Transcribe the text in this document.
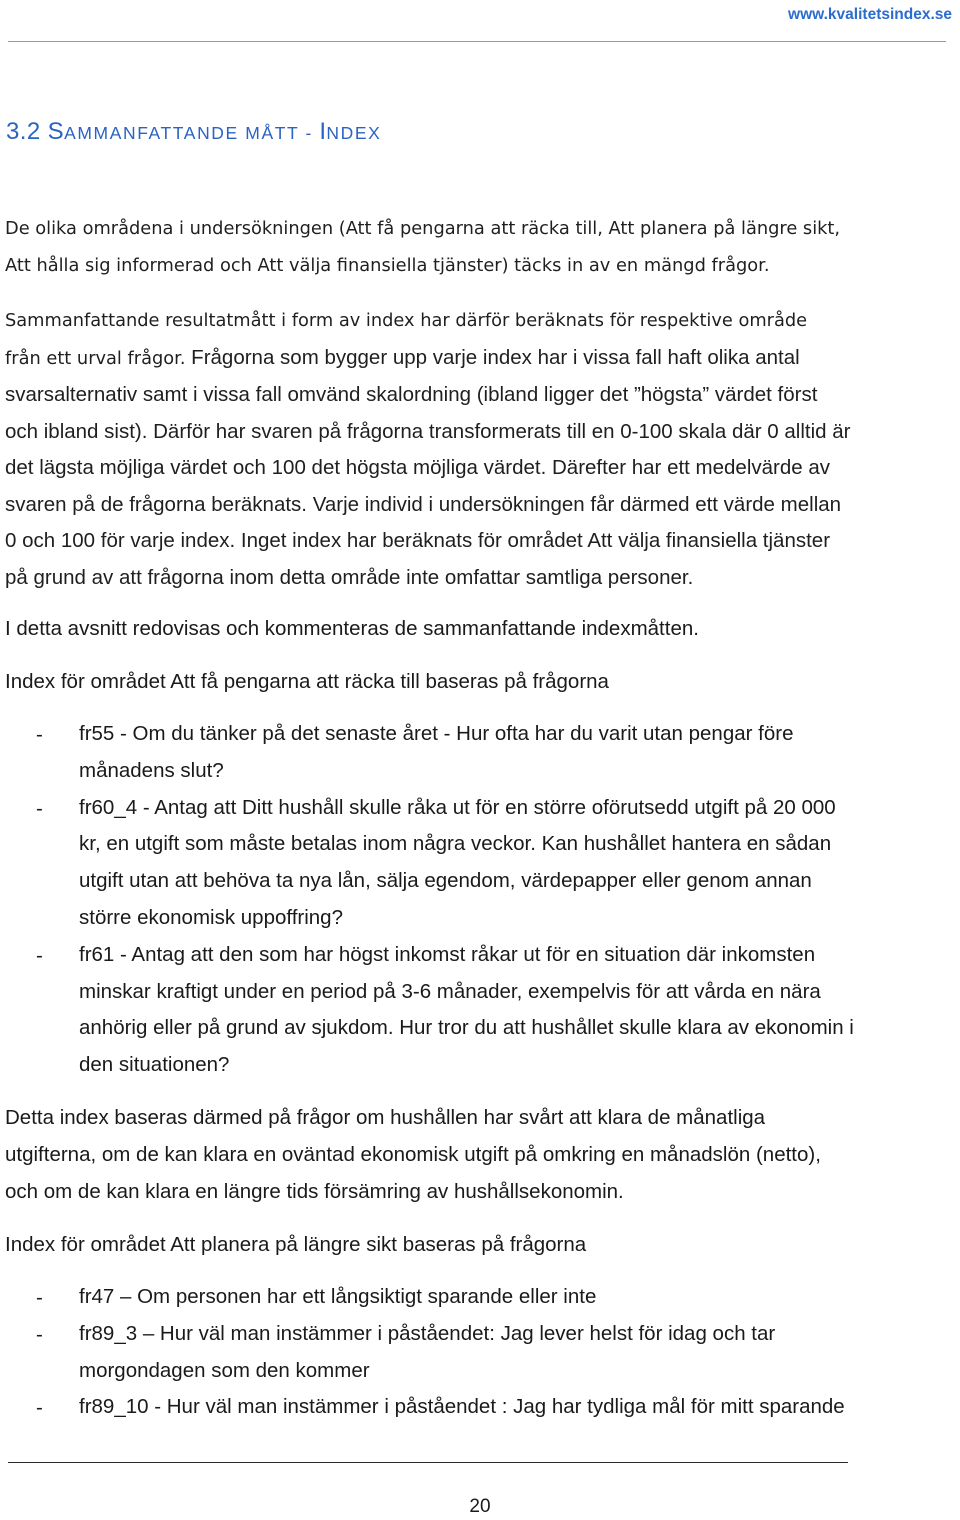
www.kvalitetsindex.se
3.2 SAMMANFATTANDE MÅTT - INDEX

De olika områdena i undersökningen (Att få pengarna att räcka till, Att planera på längre sikt,
Att hålla sig informerad och Att välja finansiella tjänster) täcks in av en mängd frågor.

Sammanfattande resultatmått i form av index har därför beräknats för respektive område
från ett urval frågor. Frågorna som bygger upp varje index har i vissa fall haft olika antal
svarsalternativ samt i vissa fall omvänd skalordning (ibland ligger det ”högsta” värdet först
och ibland sist). Därför har svaren på frågorna transformerats till en 0-100 skala där 0 alltid är
det lägsta möjliga värdet och 100 det högsta möjliga värdet. Därefter har ett medelvärde av
svaren på de frågorna beräknats. Varje individ i undersökningen får därmed ett värde mellan
0 och 100 för varje index. Inget index har beräknats för området Att välja finansiella tjänster
på grund av att frågorna inom detta område inte omfattar samtliga personer.

I detta avsnitt redovisas och kommenteras de sammanfattande indexmåtten.

Index för området Att få pengarna att räcka till baseras på frågorna

- fr55 - Om du tänker på det senaste året - Hur ofta har du varit utan pengar före
månadens slut?
- fr60_4 - Antag att Ditt hushåll skulle råka ut för en större oförutsedd utgift på 20 000
kr, en utgift som måste betalas inom några veckor. Kan hushållet hantera en sådan
utgift utan att behöva ta nya lån, sälja egendom, värdepapper eller genom annan
större ekonomisk uppoffring?
- fr61 - Antag att den som har högst inkomst råkar ut för en situation där inkomsten
minskar kraftigt under en period på 3-6 månader, exempelvis för att vårda en nära
anhörig eller på grund av sjukdom. Hur tror du att hushållet skulle klara av ekonomin i
den situationen?

Detta index baseras därmed på frågor om hushållen har svårt att klara de månatliga
utgifterna, om de kan klara en oväntad ekonomisk utgift på omkring en månadslön (netto),
och om de kan klara en längre tids försämring av hushållsekonomin.

Index för området Att planera på längre sikt baseras på frågorna

- fr47 – Om personen har ett långsiktigt sparande eller inte
- fr89_3 – Hur väl man instämmer i påståendet: Jag lever helst för idag och tar
morgondagen som den kommer
- fr89_10 - Hur väl man instämmer i påståendet : Jag har tydliga mål för mitt sparande
20
